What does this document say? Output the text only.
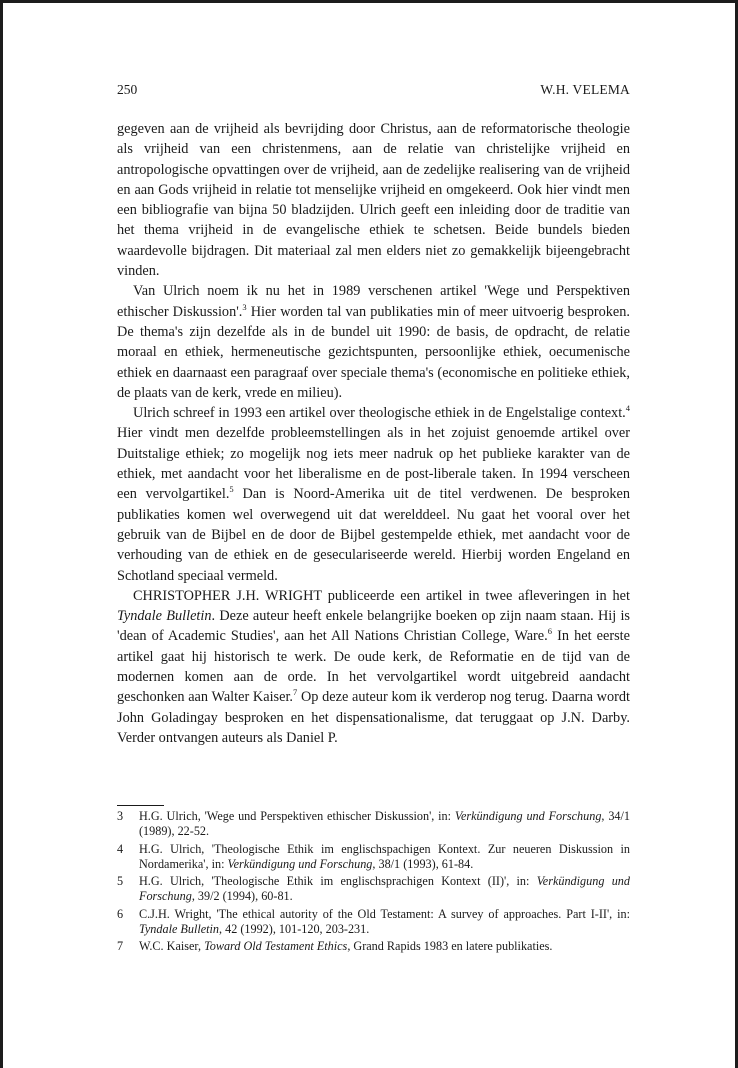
250	W.H. VELEMA

gegeven aan de vrijheid als bevrijding door Christus, aan de reformatorische theologie als vrijheid van een christenmens, aan de relatie van christelijke vrijheid en antropologische opvattingen over de vrijheid, aan de zedelijke realisering van de vrijheid en aan Gods vrijheid in relatie tot menselijke vrijheid en omgekeerd. Ook hier vindt men een bibliografie van bijna 50 bladzijden. Ulrich geeft een inleiding door de traditie van het thema vrijheid in de evangelische ethiek te schetsen. Beide bundels bieden waardevolle bijdragen. Dit materiaal zal men elders niet zo gemakkelijk bijeengebracht vinden.

Van Ulrich noem ik nu het in 1989 verschenen artikel 'Wege und Perspektiven ethischer Diskussion'.$^3$ Hier worden tal van publikaties min of meer uitvoerig besproken. De thema's zijn dezelfde als in de bundel uit 1990: de basis, de opdracht, de relatie moraal en ethiek, hermeneutische gezichtspunten, persoonlijke ethiek, oecumenische ethiek en daarnaast een paragraaf over speciale thema's (economische en politieke ethiek, de plaats van de kerk, vrede en milieu).

Ulrich schreef in 1993 een artikel over theologische ethiek in de Engelstalige context.$^4$ Hier vindt men dezelfde probleemstellingen als in het zojuist genoemde artikel over Duitstalige ethiek; zo mogelijk nog iets meer nadruk op het publieke karakter van de ethiek, met aandacht voor het liberalisme en de post-liberale taken. In 1994 verscheen een vervolgartikel.$^5$ Dan is Noord-Amerika uit de titel verdwenen. De besproken publikaties komen wel overwegend uit dat werelddeel. Nu gaat het vooral over het gebruik van de Bijbel en de door de Bijbel gestempelde ethiek, met aandacht voor de verhouding van de ethiek en de geseculariseerde wereld. Hierbij worden Engeland en Schotland speciaal vermeld.

CHRISTOPHER J.H. WRIGHT publiceerde een artikel in twee afleveringen in het Tyndale Bulletin. Deze auteur heeft enkele belangrijke boeken op zijn naam staan. Hij is 'dean of Academic Studies', aan het All Nations Christian College, Ware.$^6$ In het eerste artikel gaat hij historisch te werk. De oude kerk, de Reformatie en de tijd van de modernen komen aan de orde. In het vervolgartikel wordt uitgebreid aandacht geschonken aan Walter Kaiser.$^7$ Op deze auteur kom ik verderop nog terug. Daarna wordt John Goladingay besproken en het dispensationalisme, dat teruggaat op J.N. Darby. Verder ontvangen auteurs als Daniel P.

3	H.G. Ulrich, 'Wege und Perspektiven ethischer Diskussion', in: Verkündigung und Forschung, 34/1 (1989), 22-52.
4	H.G. Ulrich, 'Theologische Ethik im englischspachigen Kontext. Zur neueren Diskussion in Nordamerika', in: Verkündigung und Forschung, 38/1 (1993), 61-84.
5	H.G. Ulrich, 'Theologische Ethik im englischsprachigen Kontext (II)', in: Verkündigung und Forschung, 39/2 (1994), 60-81.
6	C.J.H. Wright, 'The ethical autority of the Old Testament: A survey of approaches. Part I-II', in: Tyndale Bulletin, 42 (1992), 101-120, 203-231.
7	W.C. Kaiser, Toward Old Testament Ethics, Grand Rapids 1983 en latere publikaties.
